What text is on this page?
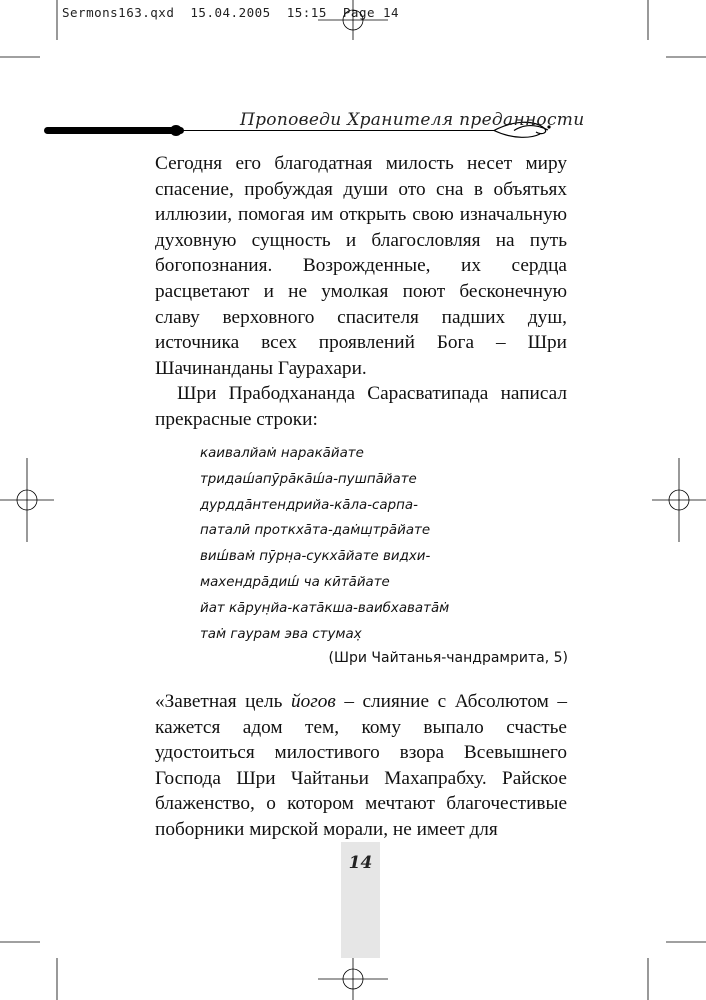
Sermons163.qxd  15.04.2005  15:15  Page 14
Проповеди Хранителя преданности

Сегодня его благодатная милость несет миру спасение, пробуждая души ото сна в объятьях иллюзии, помогая им открыть свою изначальную духовную сущность и благословляя на путь богопознания. Возрожденные, их сердца расцветают и не умолкая поют бесконечную славу верховного спасителя падших душ, источника всех проявлений Бога – Шри Шачинанданы Гаурахари.

Шри Прабодхананда Сарасватипада написал прекрасные строки:

каивалйам̇ наракāйате
тридаш́апӯрāкāш́а-пушпāйате
дурддāнтендрийа-кāла-сарпа-
паталӣ проткхāта-дам̇ш̣трāйате
виш́вам̇ пӯрн̣а-сукхāйате видхи-
махендрāдиш́ ча кӣтāйате
йат кāрун̣йа-катāкша-ваибхаватāм̇
там̇ гаурам эва стумах̣
(Шри Чайтанья-чандрамрита, 5)

«Заветная цель йогов – слияние с Абсолютом – кажется адом тем, кому выпало счастье удостоиться милостивого взора Всевышнего Господа Шри Чайтаньи Махапрабху. Райское блаженство, о котором мечтают благочестивые поборники мирской морали, не имеет для

14
